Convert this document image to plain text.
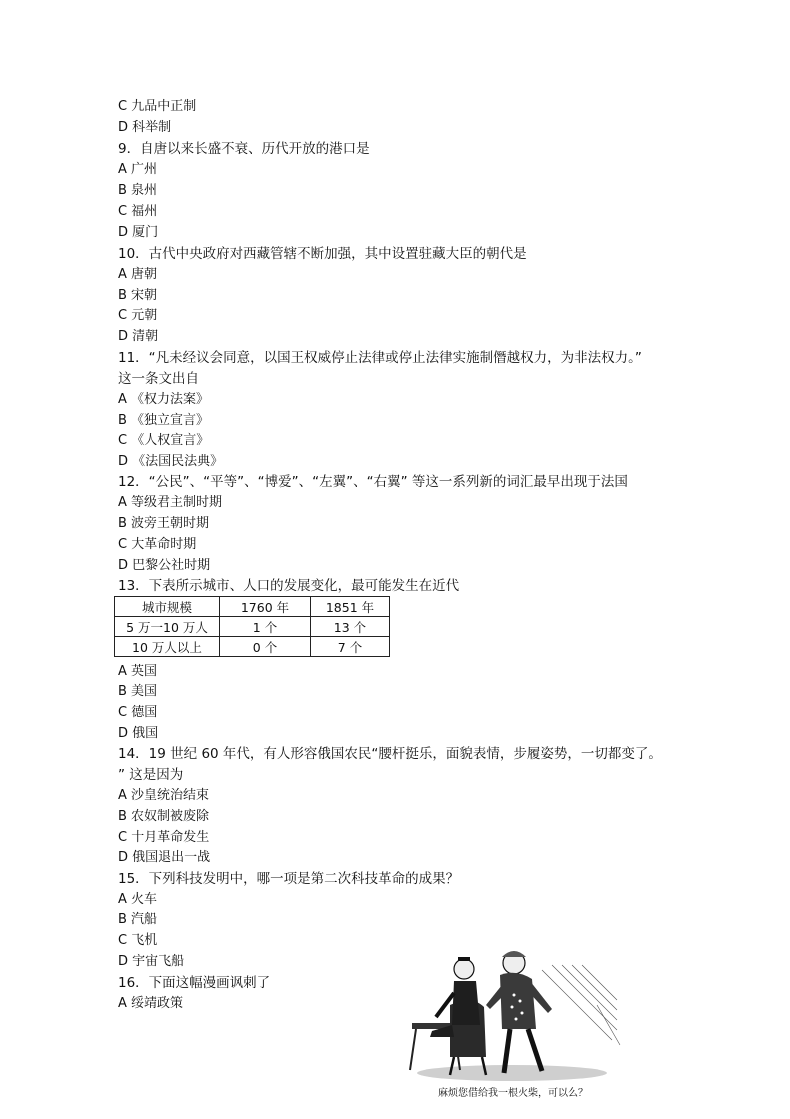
C 九品中正制
D 科举制
9．自唐以来长盛不衰、历代开放的港口是
A 广州
B 泉州
C 福州
D 厦门
10．古代中央政府对西藏管辖不断加强，其中设置驻藏大臣的朝代是
A 唐朝
B 宋朝
C 元朝
D 清朝
11．“凡未经议会同意，以国王权威停止法律或停止法律实施制僭越权力，为非法权力。”
这一条文出自
A 《权力法案》
B 《独立宣言》
C 《人权宣言》
D 《法国民法典》
12．“公民”、“平等”、“博爱”、“左翼”、“右翼” 等这一系列新的词汇最早出现于法国
A 等级君主制时期
B 波旁王朝时期
C 大革命时期
D 巴黎公社时期
13．下表所示城市、人口的发展变化，最可能发生在近代
城市规模	1760 年	1851 年
5 万一10 万人	1 个	13 个
10 万人以上	0 个	7 个
A 英国
B 美国
C 德国
D 俄国
14．19 世纪 60 年代，有人形容俄国农民“腰杆挺乐，面貌表情，步履姿势，一切都变了。
” 这是因为
A 沙皇统治结束
B 农奴制被废除
C 十月革命发生
D 俄国退出一战
15．下列科技发明中，哪一项是第二次科技革命的成果？
A 火车
B 汽船
C 飞机
D 宇宙飞船
16．下面这幅漫画讽刺了
A 绥靖政策
麻烦您借给我一根火柴，可以么？
